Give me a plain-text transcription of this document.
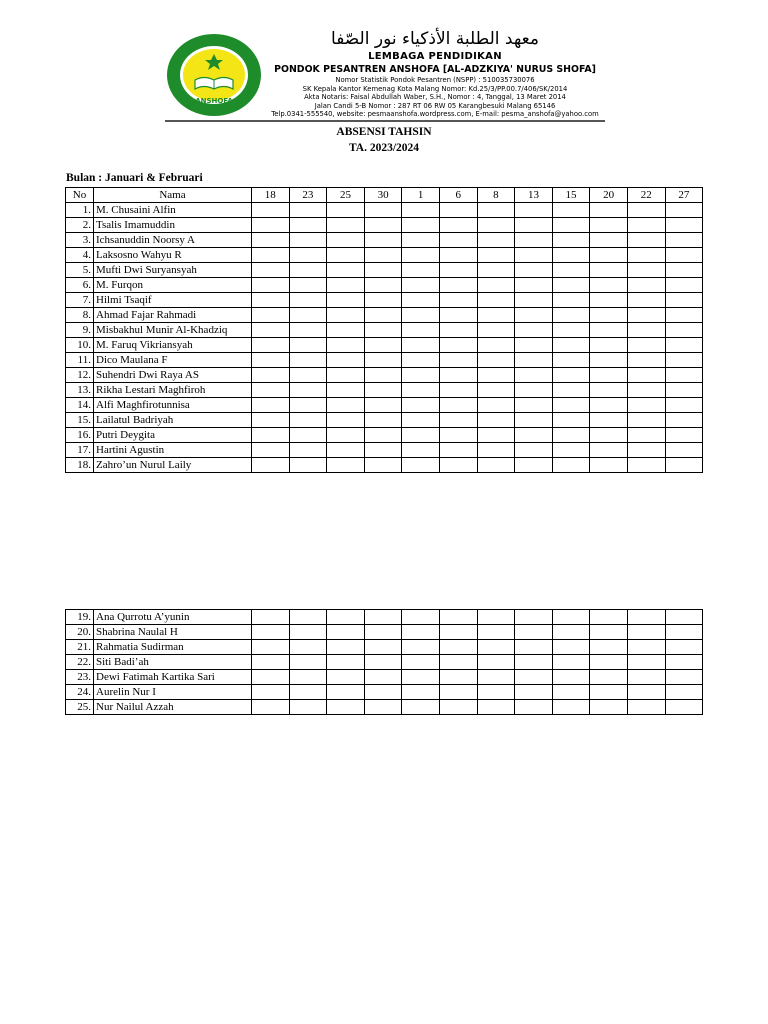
ANSHOFA
معهد الطلبة الأذكياء نور الصّفا
LEMBAGA PENDIDIKAN
PONDOK PESANTREN ANSHOFA [AL-ADZKIYA' NURUS SHOFA]
Nomor Statistik Pondok Pesantren (NSPP) : 510035730076
SK Kepala Kantor Kemenag Kota Malang Nomor: Kd.25/3/PP.00.7/406/SK/2014
Akta Notaris: Faisal Abdullah Waber, S.H., Nomor : 4, Tanggal, 13 Maret 2014
Jalan Candi 5-B Nomor : 287 RT 06 RW 05 Karangbesuki Malang 65146
Telp.0341-555540, website: pesmaanshofa.wordpress.com, E-mail: pesma_anshofa@yahoo.com
ABSENSI TAHSIN
TA. 2023/2024
Bulan : Januari & Februari
No	Nama	18	23	25	30	1	6	8	13	15	20	22	27
1.	M. Chusaini Alfin												
2.	Tsalis Imamuddin												
3.	Ichsanuddin Noorsy A												
4.	Laksosno Wahyu R												
5.	Mufti Dwi Suryansyah												
6.	M. Furqon												
7.	Hilmi Tsaqif												
8.	Ahmad Fajar Rahmadi												
9.	Misbakhul Munir Al-Khadziq												
10.	M. Faruq Vikriansyah												
11.	Dico Maulana F												
12.	Suhendri Dwi Raya AS												
13.	Rikha Lestari Maghfiroh												
14.	Alfi Maghfirotunnisa												
15.	Lailatul Badriyah												
16.	Putri Deygita												
17.	Hartini Agustin												
18.	Zahro’un Nurul Laily												
19.	Ana Qurrotu A’yunin												
20.	Shabrina Naulal H												
21.	Rahmatia Sudirman												
22.	Siti Badi’ah												
23.	Dewi Fatimah Kartika Sari												
24.	Aurelin Nur I												
25.	Nur Nailul Azzah												
